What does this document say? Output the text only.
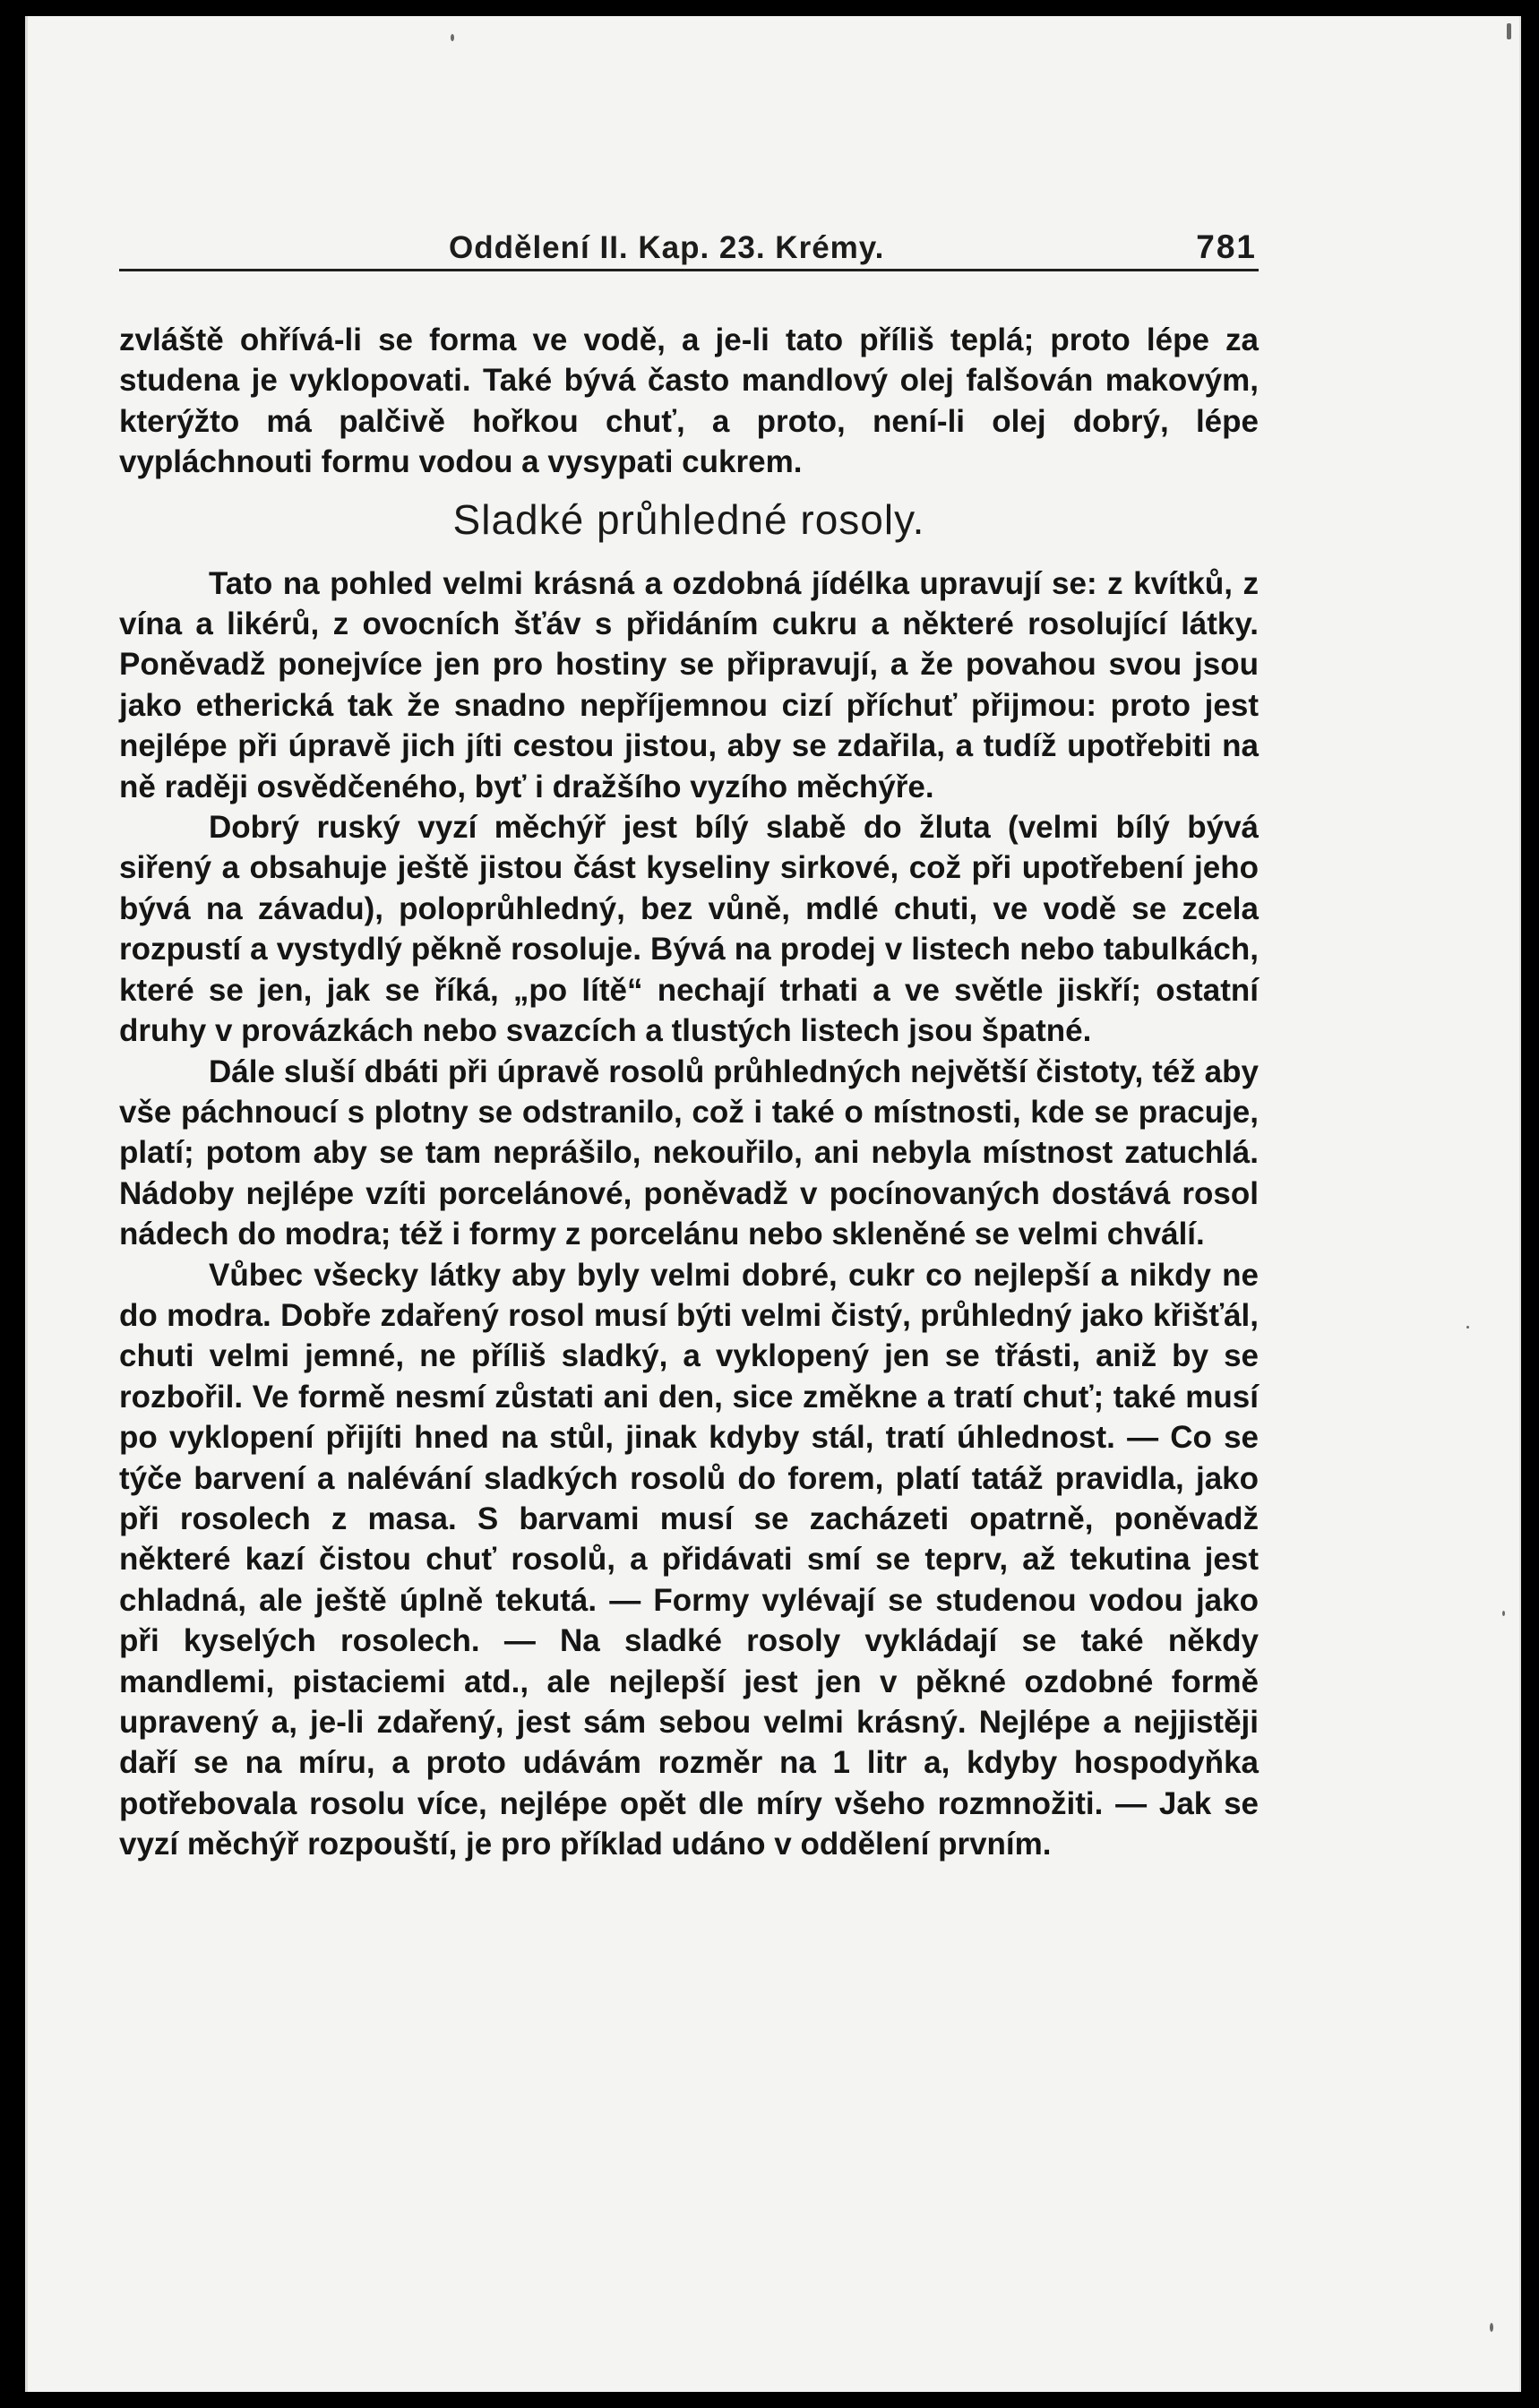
Oddělení II. Kap. 23. Krémy.	781

zvláště ohřívá-li se forma ve vodě, a je-li tato příliš teplá; proto lépe za studena je vyklopovati. Také bývá často mandlový olej falšován makovým, kterýžto má palčivě hořkou chuť, a proto, není-li olej dobrý, lépe vypláchnouti formu vodou a vysypati cukrem.

Sladké průhledné rosoly.

Tato na pohled velmi krásná a ozdobná jídélka upravují se: z kvítků, z vína a likérů, z ovocních šťáv s přidáním cukru a některé rosolující látky. Poněvadž ponejvíce jen pro hostiny se připravují, a že povahou svou jsou jako etherická tak že snadno nepříjemnou cizí příchuť přijmou: proto jest nejlépe při úpravě jich jíti cestou jistou, aby se zdařila, a tudíž upotřebiti na ně raději osvědčeného, byť i dražšího vyzího měchýře.

Dobrý ruský vyzí měchýř jest bílý slabě do žluta (velmi bílý bývá siřený a obsahuje ještě jistou část kyseliny sirkové, což při upotřebení jeho bývá na závadu), poloprůhledný, bez vůně, mdlé chuti, ve vodě se zcela rozpustí a vystydlý pěkně rosoluje. Bývá na prodej v listech nebo tabulkách, které se jen, jak se říká, „po lítě“ nechají trhati a ve světle jiskří; ostatní druhy v provázkách nebo svazcích a tlustých listech jsou špatné.

Dále sluší dbáti při úpravě rosolů průhledných největší čistoty, též aby vše páchnoucí s plotny se odstranilo, což i také o místnosti, kde se pracuje, platí; potom aby se tam neprášilo, nekouřilo, ani nebyla místnost zatuchlá. Nádoby nejlépe vzíti porcelánové, poněvadž v pocínovaných dostává rosol nádech do modra; též i formy z porcelánu nebo skleněné se velmi chválí.

Vůbec všecky látky aby byly velmi dobré, cukr co nejlepší a nikdy ne do modra. Dobře zdařený rosol musí býti velmi čistý, průhledný jako křišťál, chuti velmi jemné, ne příliš sladký, a vyklopený jen se třásti, aniž by se rozbořil. Ve formě nesmí zůstati ani den, sice změkne a tratí chuť; také musí po vyklopení přijíti hned na stůl, jinak kdyby stál, tratí úhlednost. — Co se týče barvení a nalévání sladkých rosolů do forem, platí tatáž pravidla, jako při rosolech z masa. S barvami musí se zacházeti opatrně, poněvadž některé kazí čistou chuť rosolů, a přidávati smí se teprv, až tekutina jest chladná, ale ještě úplně tekutá. — Formy vylévají se studenou vodou jako při kyselých rosolech. — Na sladké rosoly vykládají se také někdy mandlemi, pistaciemi atd., ale nejlepší jest jen v pěkné ozdobné formě upravený a, je-li zdařený, jest sám sebou velmi krásný. Nejlépe a nejjistěji daří se na míru, a proto udávám rozměr na 1 litr a, kdyby hospodyňka potřebovala rosolu více, nejlépe opět dle míry všeho rozmnožiti. — Jak se vyzí měchýř rozpouští, je pro příklad udáno v oddělení prvním.
